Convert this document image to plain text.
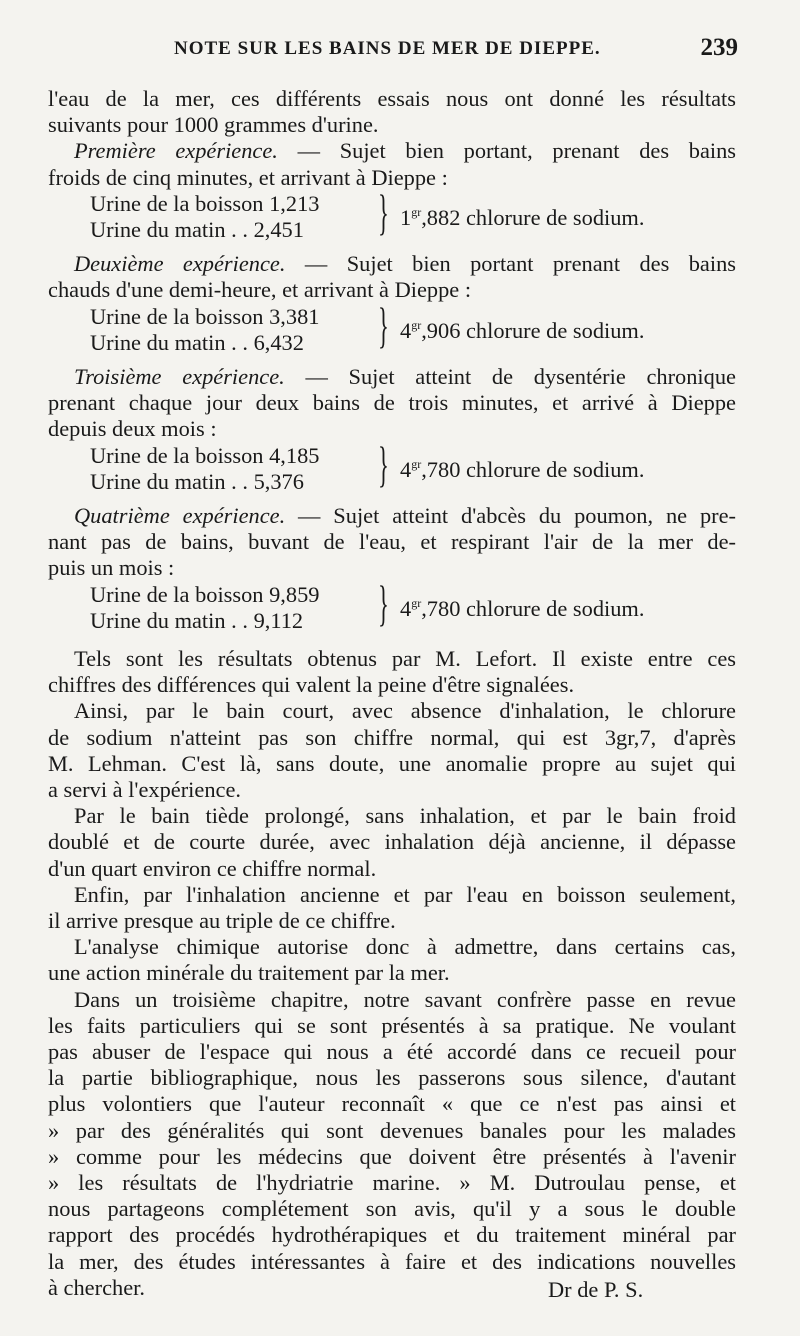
NOTE SUR LES BAINS DE MER DE DIEPPE.	239
l'eau de la mer, ces différents essais nous ont donné les résultats
suivants pour 1000 grammes d'urine.
Première expérience. — Sujet bien portant, prenant des bains
froids de cinq minutes, et arrivant à Dieppe :
Urine de la boisson 1,213
Urine du matin . . 2,451 } $1^{gr},882$ chlorure de sodium.
Deuxième expérience. — Sujet bien portant prenant des bains
chauds d'une demi-heure, et arrivant à Dieppe :
Urine de la boisson 3,381
Urine du matin . . 6,432 } $4^{gr},906$ chlorure de sodium.
Troisième expérience. — Sujet atteint de dysentérie chronique
prenant chaque jour deux bains de trois minutes, et arrivé à Dieppe
depuis deux mois :
Urine de la boisson 4,185
Urine du matin . . 5,376 } $4^{gr},780$ chlorure de sodium.
Quatrième expérience. — Sujet atteint d'abcès du poumon, ne pre-
nant pas de bains, buvant de l'eau, et respirant l'air de la mer de-
puis un mois :
Urine de la boisson 9,859
Urine du matin . . 9,112 } $4^{gr},780$ chlorure de sodium.
Tels sont les résultats obtenus par M. Lefort. Il existe entre ces
chiffres des différences qui valent la peine d'être signalées.
Ainsi, par le bain court, avec absence d'inhalation, le chlorure
de sodium n'atteint pas son chiffre normal, qui est 3gr,7, d'après
M. Lehman. C'est là, sans doute, une anomalie propre au sujet qui
a servi à l'expérience.
Par le bain tiède prolongé, sans inhalation, et par le bain froid
doublé et de courte durée, avec inhalation déjà ancienne, il dépasse
d'un quart environ ce chiffre normal.
Enfin, par l'inhalation ancienne et par l'eau en boisson seulement,
il arrive presque au triple de ce chiffre.
L'analyse chimique autorise donc à admettre, dans certains cas,
une action minérale du traitement par la mer.
Dans un troisième chapitre, notre savant confrère passe en revue
les faits particuliers qui se sont présentés à sa pratique. Ne voulant
pas abuser de l'espace qui nous a été accordé dans ce recueil pour
la partie bibliographique, nous les passerons sous silence, d'autant
plus volontiers que l'auteur reconnaît « que ce n'est pas ainsi et
» par des généralités qui sont devenues banales pour les malades
» comme pour les médecins que doivent être présentés à l'avenir
» les résultats de l'hydriatrie marine. » M. Dutroulau pense, et
nous partageons complétement son avis, qu'il y a sous le double
rapport des procédés hydrothérapiques et du traitement minéral par
la mer, des études intéressantes à faire et des indications nouvelles
à chercher.	Dr de P. S.
